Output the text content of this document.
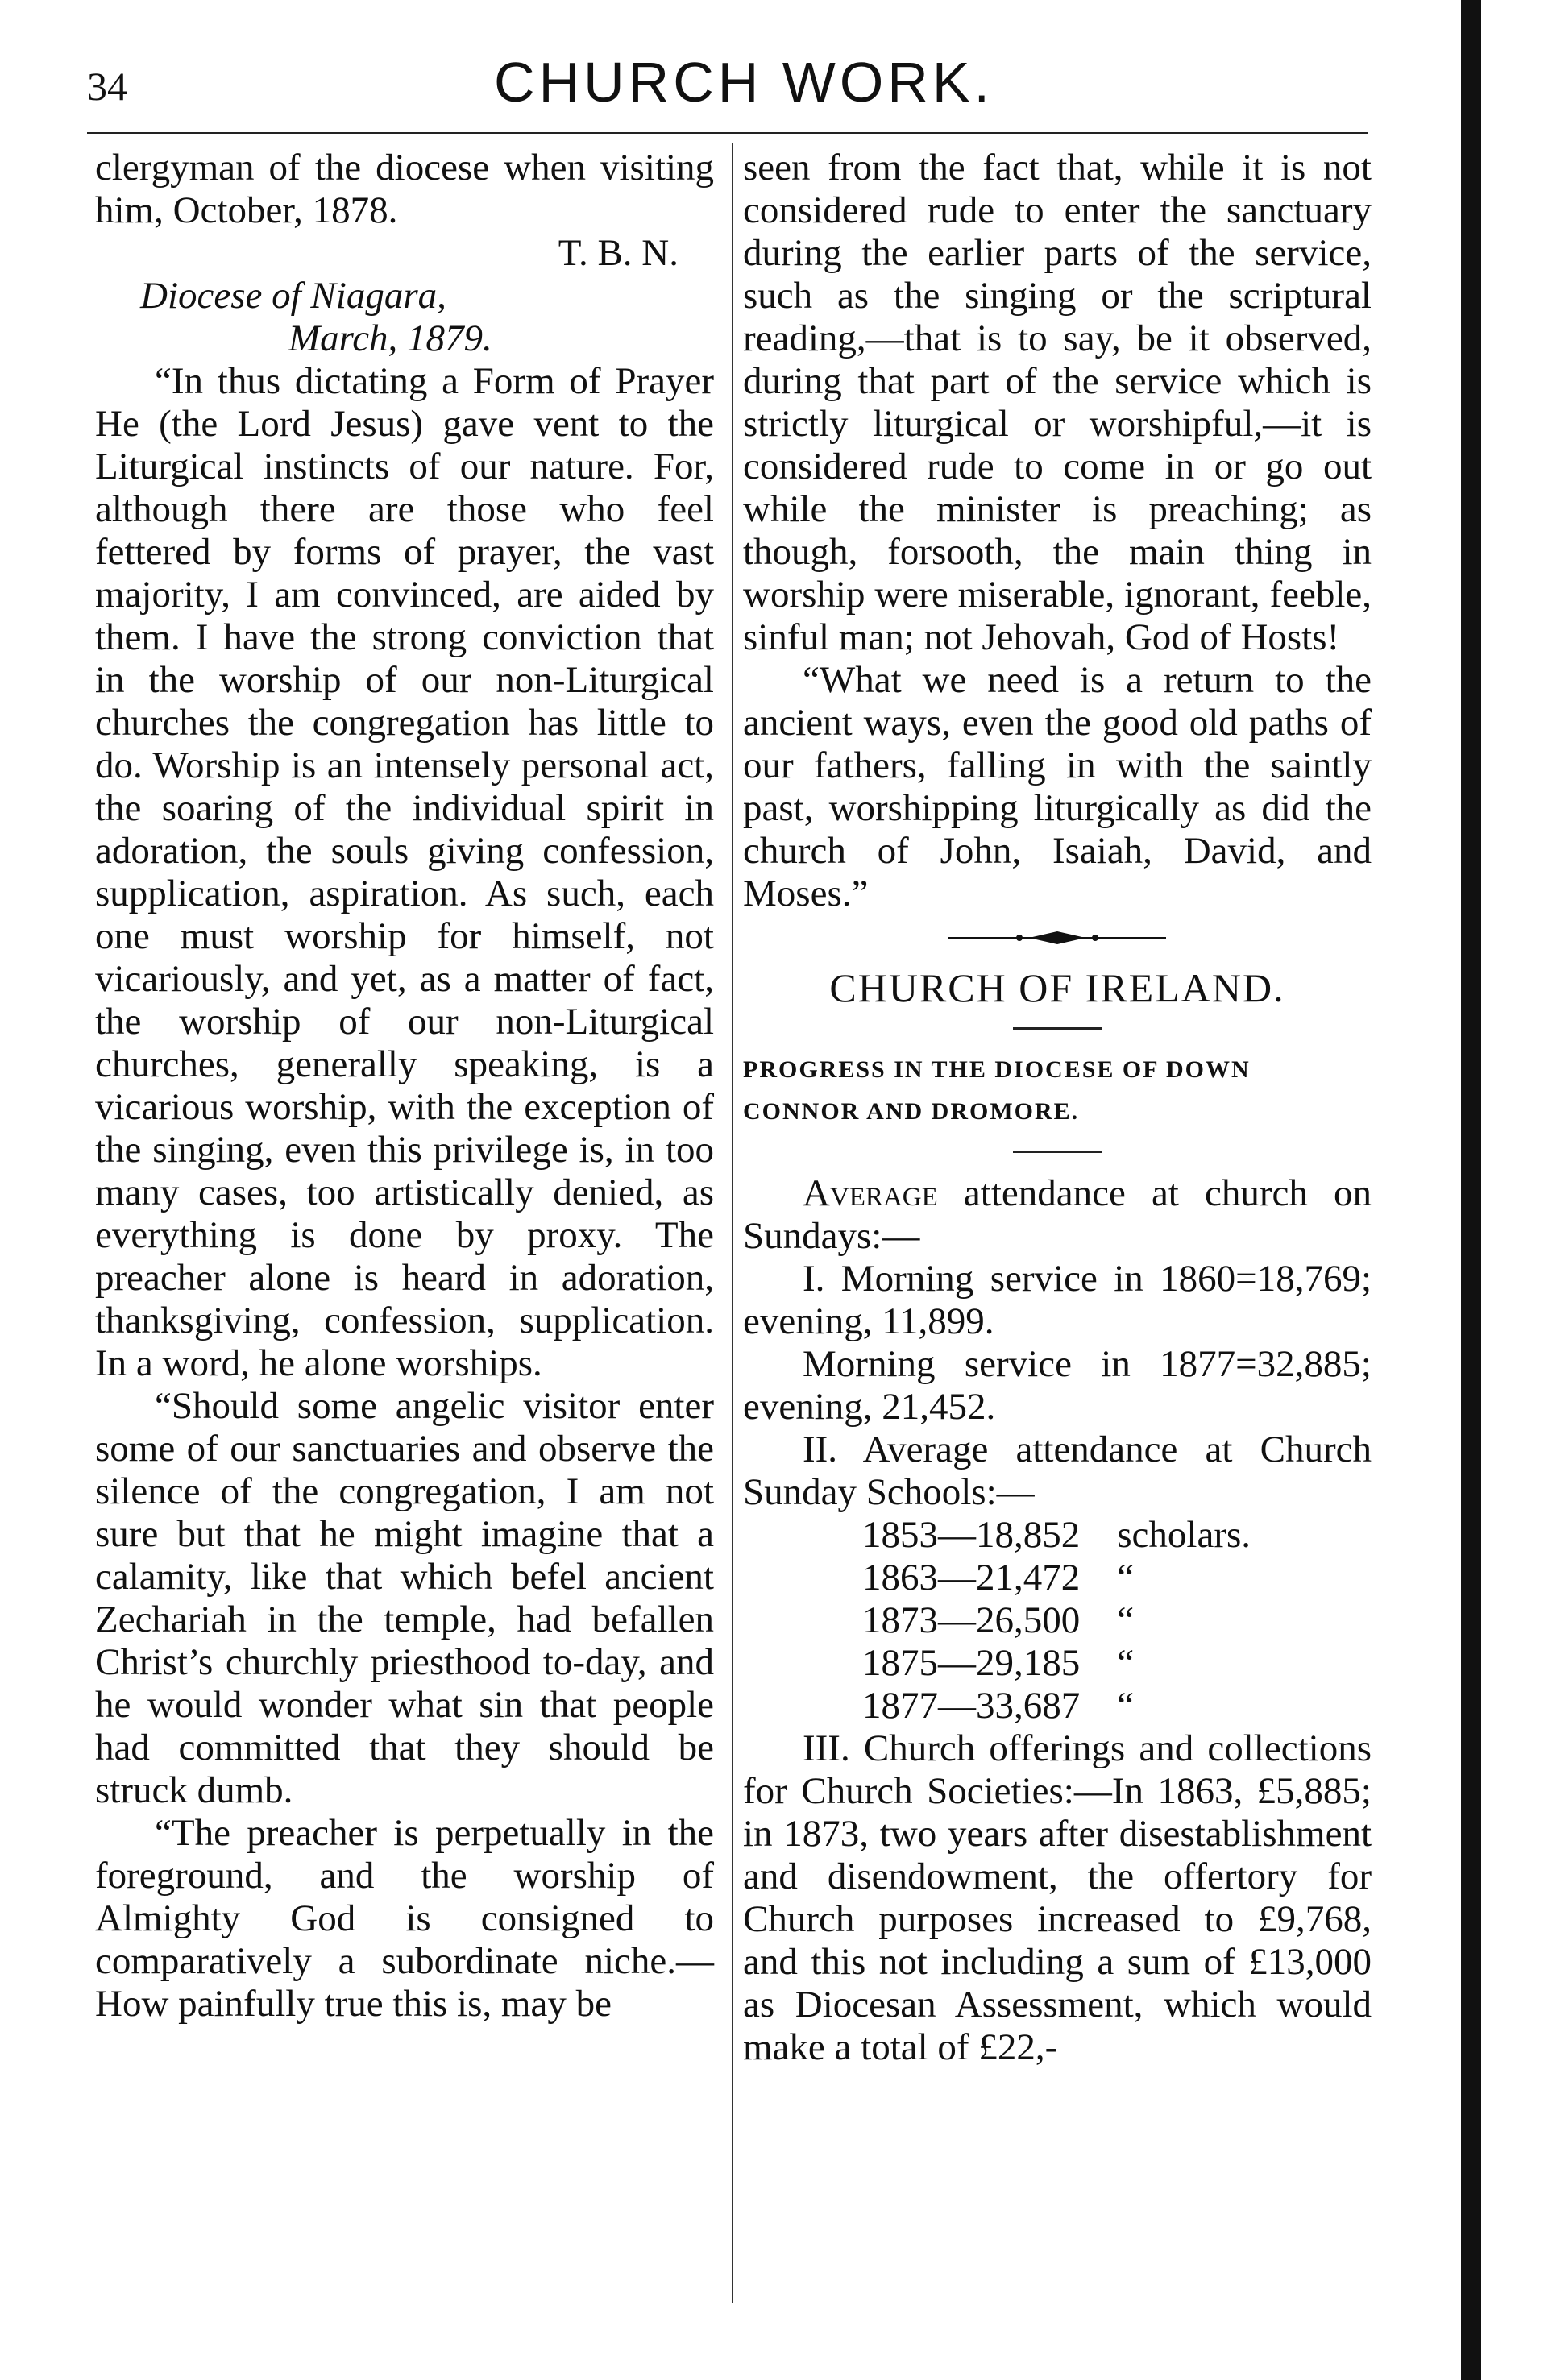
34	CHURCH WORK.

clergyman of the diocese when visiting him, October, 1878.

T. B. N.

Diocese of Niagara,

March, 1879.

“In thus dictating a Form of Prayer He (the Lord Jesus) gave vent to the Liturgical instincts of our nature. For, although there are those who feel fettered by forms of prayer, the vast majority, I am convinced, are aided by them. I have the strong conviction that in the worship of our non-Liturgical churches the congregation has little to do. Worship is an intensely personal act, the soaring of the individual spirit in adoration, the souls giving confession, supplication, aspiration. As such, each one must worship for himself, not vicariously, and yet, as a matter of fact, the worship of our non-Liturgical churches, generally speaking, is a vicarious worship, with the exception of the singing, even this privilege is, in too many cases, too artistically denied, as everything is done by proxy. The preacher alone is heard in adoration, thanksgiving, confession, supplication. In a word, he alone worships.

“Should some angelic visitor enter some of our sanctuaries and observe the silence of the congregation, I am not sure but that he might imagine that a calamity, like that which befel ancient Zechariah in the temple, had befallen Christ’s churchly priesthood to-day, and he would wonder what sin that people had committed that they should be struck dumb.

“The preacher is perpetually in the foreground, and the worship of Almighty God is consigned to comparatively a subordinate niche.—How painfully true this is, may be

seen from the fact that, while it is not considered rude to enter the sanctuary during the earlier parts of the service, such as the singing or the scriptural reading,—that is to say, be it observed, during that part of the service which is strictly liturgical or worshipful,—it is considered rude to come in or go out while the minister is preaching; as though, forsooth, the main thing in worship were miserable, ignorant, feeble, sinful man; not Jehovah, God of Hosts!

“What we need is a return to the ancient ways, even the good old paths of our fathers, falling in with the saintly past, worshipping liturgically as did the church of John, Isaiah, David, and Moses.”

CHURCH OF IRELAND.

PROGRESS IN THE DIOCESE OF DOWN

CONNOR AND DROMORE.

Average attendance at church on Sundays:—

I. Morning service in 1860=18,769; evening, 11,899.

Morning service in 1877=32,885; evening, 21,452.

II. Average attendance at Church Sunday Schools:—

1853—18,852 scholars.

1863—21,472 “

1873—26,500 “

1875—29,185 “

1877—33,687 “

III. Church offerings and collections for Church Societies:—In 1863, £5,885; in 1873, two years after disestablishment and disendowment, the offertory for Church purposes increased to £9,768, and this not including a sum of £13,000 as Diocesan Assessment, which would make a total of £22,-
